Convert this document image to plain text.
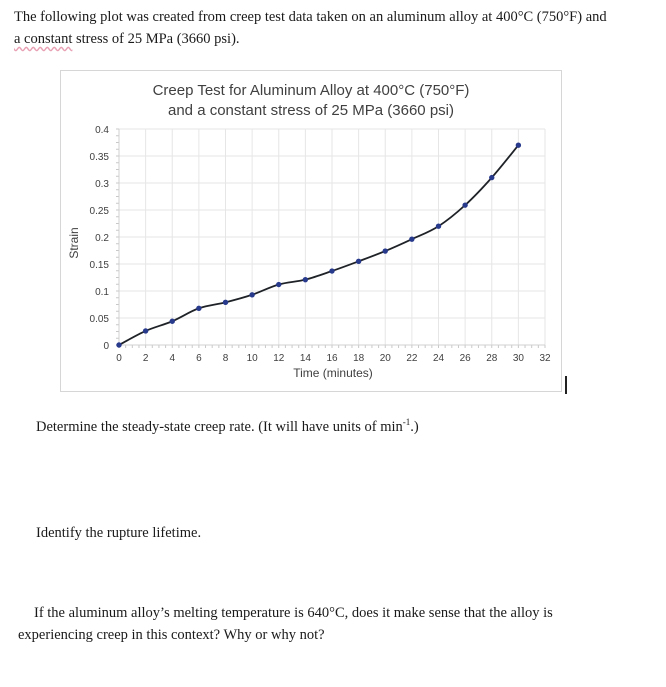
The following plot was created from creep test data taken on an aluminum alloy at 400°C (750°F) and a constant stress of 25 MPa (3660 psi).

Creep Test for Aluminum Alloy at 400°C (750°F)
and a constant stress of 25 MPa (3660 psi)
0
0.05
0.1
0.15
0.2
0.25
0.3
0.35
0.4
0 2 4 6 8 10 12 14 16 18 20 22 24 26 28 30 32
Time (minutes)
Strain

Determine the steady-state creep rate. (It will have units of $\min^{-1}$.)

Identify the rupture lifetime.

If the aluminum alloy’s melting temperature is 640°C, does it make sense that the alloy is experiencing creep in this context? Why or why not?
